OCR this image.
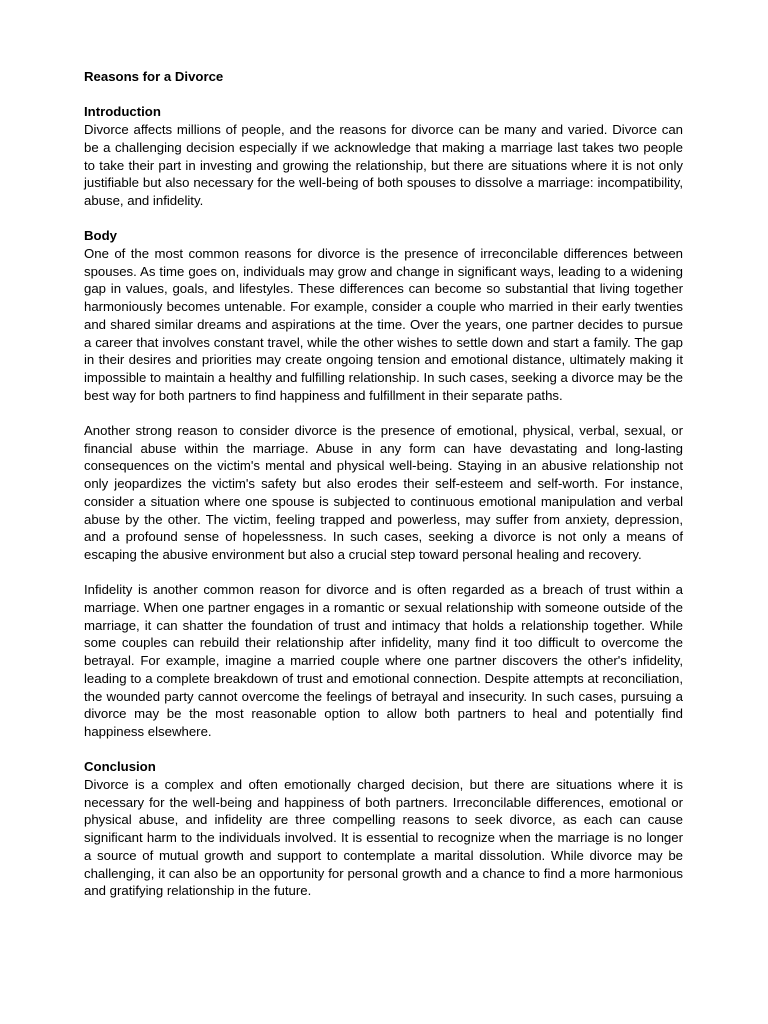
Reasons for a Divorce

Introduction

Divorce affects millions of people, and the reasons for divorce can be many and varied. Divorce can be a challenging decision especially if we acknowledge that making a marriage last takes two people to take their part in investing and growing the relationship, but there are situations where it is not only justifiable but also necessary for the well-being of both spouses to dissolve a marriage: incompatibility, abuse, and infidelity.

Body

One of the most common reasons for divorce is the presence of irreconcilable differences between spouses. As time goes on, individuals may grow and change in significant ways, leading to a widening gap in values, goals, and lifestyles. These differences can become so substantial that living together harmoniously becomes untenable. For example, consider a couple who married in their early twenties and shared similar dreams and aspirations at the time. Over the years, one partner decides to pursue a career that involves constant travel, while the other wishes to settle down and start a family. The gap in their desires and priorities may create ongoing tension and emotional distance, ultimately making it impossible to maintain a healthy and fulfilling relationship. In such cases, seeking a divorce may be the best way for both partners to find happiness and fulfillment in their separate paths.

Another strong reason to consider divorce is the presence of emotional, physical, verbal, sexual, or financial abuse within the marriage. Abuse in any form can have devastating and long-lasting consequences on the victim's mental and physical well-being. Staying in an abusive relationship not only jeopardizes the victim's safety but also erodes their self-esteem and self-worth. For instance, consider a situation where one spouse is subjected to continuous emotional manipulation and verbal abuse by the other. The victim, feeling trapped and powerless, may suffer from anxiety, depression, and a profound sense of hopelessness. In such cases, seeking a divorce is not only a means of escaping the abusive environment but also a crucial step toward personal healing and recovery.

Infidelity is another common reason for divorce and is often regarded as a breach of trust within a marriage. When one partner engages in a romantic or sexual relationship with someone outside of the marriage, it can shatter the foundation of trust and intimacy that holds a relationship together. While some couples can rebuild their relationship after infidelity, many find it too difficult to overcome the betrayal. For example, imagine a married couple where one partner discovers the other's infidelity, leading to a complete breakdown of trust and emotional connection. Despite attempts at reconciliation, the wounded party cannot overcome the feelings of betrayal and insecurity. In such cases, pursuing a divorce may be the most reasonable option to allow both partners to heal and potentially find happiness elsewhere.

Conclusion

Divorce is a complex and often emotionally charged decision, but there are situations where it is necessary for the well-being and happiness of both partners. Irreconcilable differences, emotional or physical abuse, and infidelity are three compelling reasons to seek divorce, as each can cause significant harm to the individuals involved. It is essential to recognize when the marriage is no longer a source of mutual growth and support to contemplate a marital dissolution. While divorce may be challenging, it can also be an opportunity for personal growth and a chance to find a more harmonious and gratifying relationship in the future.
